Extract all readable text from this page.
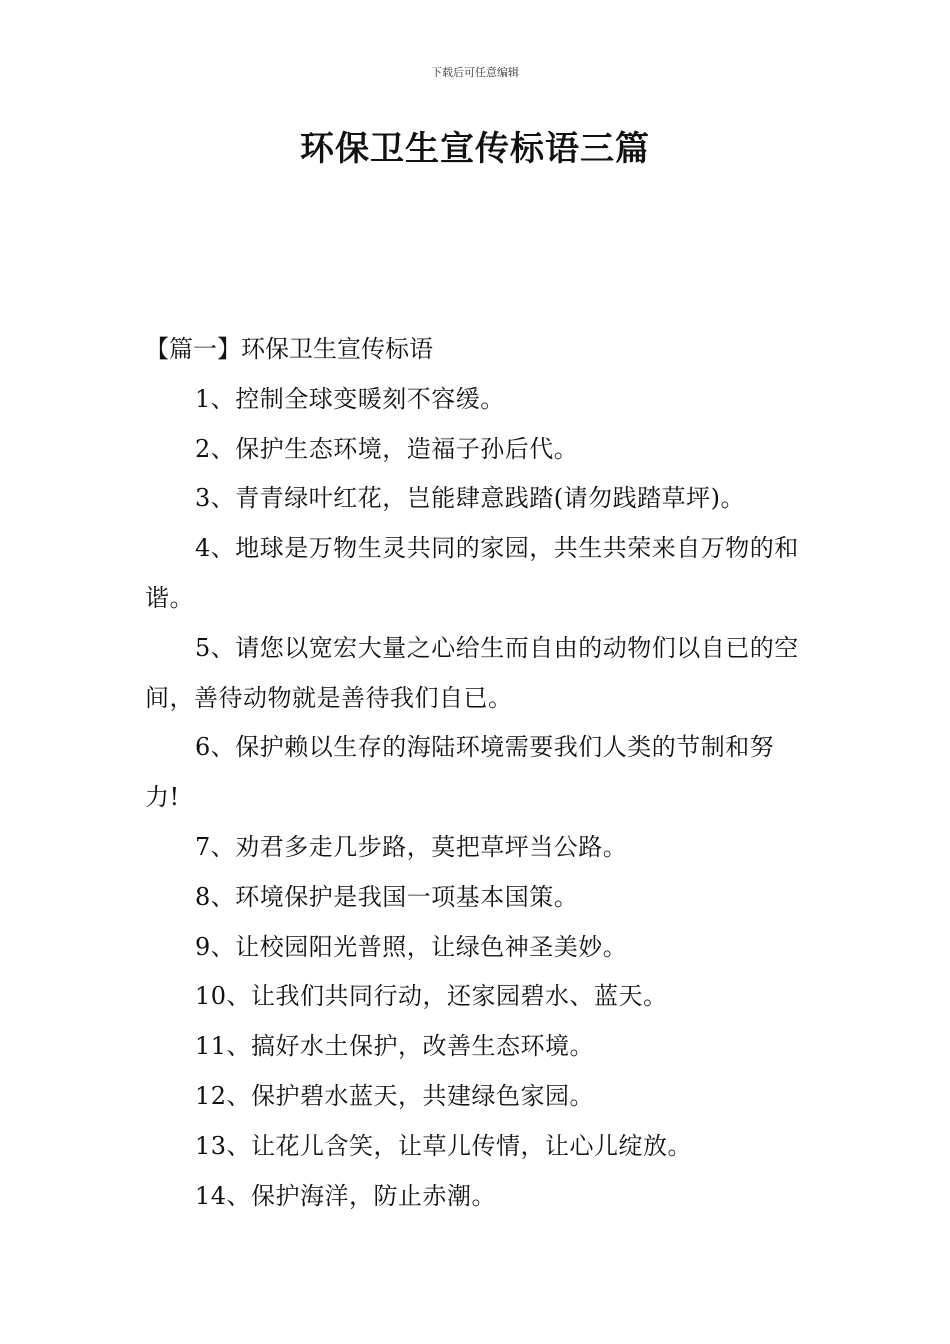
下载后可任意编辑
环保卫生宣传标语三篇

【篇一】环保卫生宣传标语

1、控制全球变暖刻不容缓。

2、保护生态环境，造福子孙后代。

3、青青绿叶红花，岂能肆意践踏(请勿践踏草坪)。

4、地球是万物生灵共同的家园，共生共荣来自万物的和谐。

5、请您以宽宏大量之心给生而自由的动物们以自已的空间，善待动物就是善待我们自已。

6、保护赖以生存的海陆环境需要我们人类的节制和努力!

7、劝君多走几步路，莫把草坪当公路。

8、环境保护是我国一项基本国策。

9、让校园阳光普照，让绿色神圣美妙。

10、让我们共同行动，还家园碧水、蓝天。

11、搞好水土保护，改善生态环境。

12、保护碧水蓝天，共建绿色家园。

13、让花儿含笑，让草儿传情，让心儿绽放。

14、保护海洋，防止赤潮。
